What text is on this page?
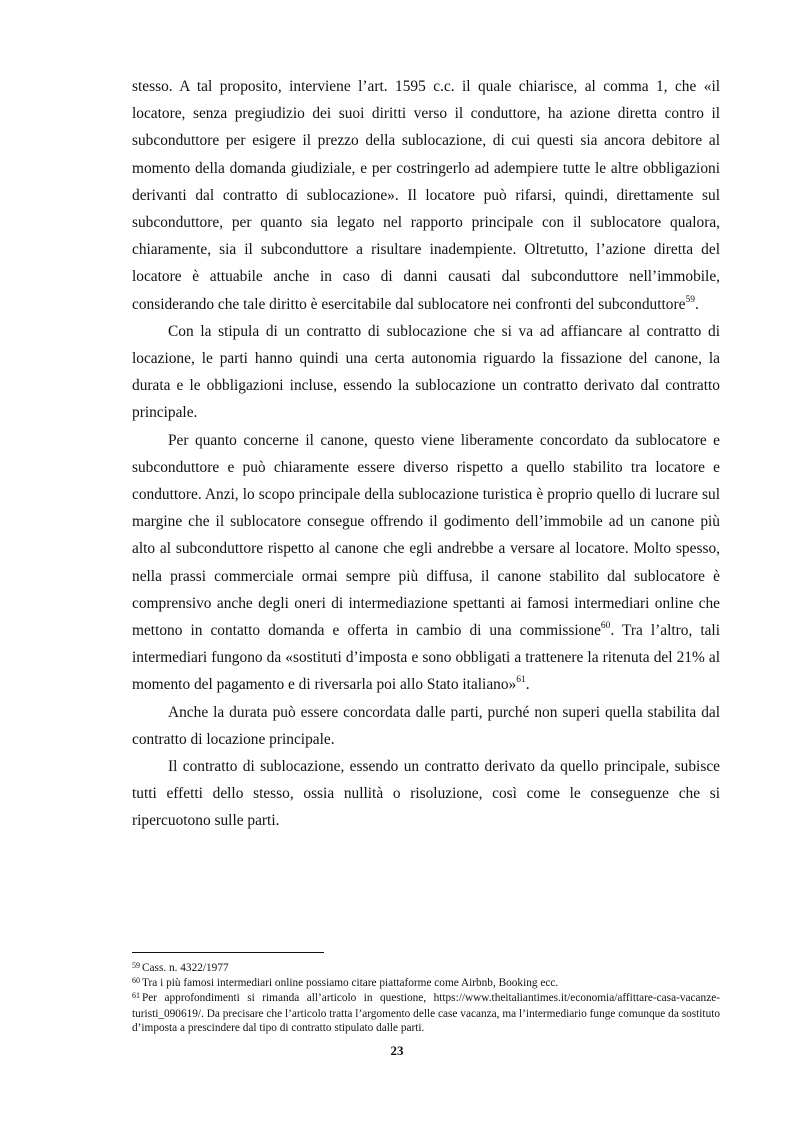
stesso. A tal proposito, interviene l’art. 1595 c.c. il quale chiarisce, al comma 1, che «il locatore, senza pregiudizio dei suoi diritti verso il conduttore, ha azione diretta contro il subconduttore per esigere il prezzo della sublocazione, di cui questi sia ancora debitore al momento della domanda giudiziale, e per costringerlo ad adempiere tutte le altre obbligazioni derivanti dal contratto di sublocazione». Il locatore può rifarsi, quindi, direttamente sul subconduttore, per quanto sia legato nel rapporto principale con il sublocatore qualora, chiaramente, sia il subconduttore a risultare inadempiente. Oltretutto, l’azione diretta del locatore è attuabile anche in caso di danni causati dal subconduttore nell’immobile, considerando che tale diritto è esercitabile dal sublocatore nei confronti del subconduttore$^{59}$.

Con la stipula di un contratto di sublocazione che si va ad affiancare al contratto di locazione, le parti hanno quindi una certa autonomia riguardo la fissazione del canone, la durata e le obbligazioni incluse, essendo la sublocazione un contratto derivato dal contratto principale.

Per quanto concerne il canone, questo viene liberamente concordato da sublocatore e subconduttore e può chiaramente essere diverso rispetto a quello stabilito tra locatore e conduttore. Anzi, lo scopo principale della sublocazione turistica è proprio quello di lucrare sul margine che il sublocatore consegue offrendo il godimento dell’immobile ad un canone più alto al subconduttore rispetto al canone che egli andrebbe a versare al locatore. Molto spesso, nella prassi commerciale ormai sempre più diffusa, il canone stabilito dal sublocatore è comprensivo anche degli oneri di intermediazione spettanti ai famosi intermediari online che mettono in contatto domanda e offerta in cambio di una commissione$^{60}$. Tra l’altro, tali intermediari fungono da «sostituti d’imposta e sono obbligati a trattenere la ritenuta del 21% al momento del pagamento e di riversarla poi allo Stato italiano»$^{61}$.

Anche la durata può essere concordata dalle parti, purché non superi quella stabilita dal contratto di locazione principale.

Il contratto di sublocazione, essendo un contratto derivato da quello principale, subisce tutti effetti dello stesso, ossia nullità o risoluzione, così come le conseguenze che si ripercuotono sulle parti.

$^{59}$ Cass. n. 4322/1977

$^{60}$ Tra i più famosi intermediari online possiamo citare piattaforme come Airbnb, Booking ecc.

$^{61}$ Per approfondimenti si rimanda all’articolo in questione, https://www.theitaliantimes.it/economia/affittare-casa-vacanze-turisti_090619/. Da precisare che l’articolo tratta l’argomento delle case vacanza, ma l’intermediario funge comunque da sostituto d’imposta a prescindere dal tipo di contratto stipulato dalle parti.

23
